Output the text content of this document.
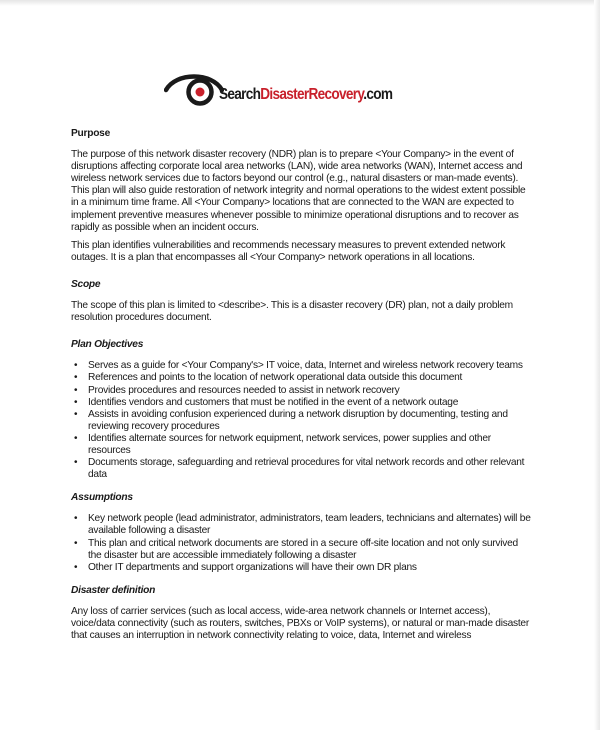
SearchDisasterRecovery.com
Purpose

The purpose of this network disaster recovery (NDR) plan is to prepare <Your Company> in the event of disruptions affecting corporate local area networks (LAN), wide area networks (WAN), Internet access and wireless network services due to factors beyond our control (e.g., natural disasters or man-made events). This plan will also guide restoration of network integrity and normal operations to the widest extent possible in a minimum time frame. All <Your Company> locations that are connected to the WAN are expected to implement preventive measures whenever possible to minimize operational disruptions and to recover as rapidly as possible when an incident occurs.

This plan identifies vulnerabilities and recommends necessary measures to prevent extended network outages. It is a plan that encompasses all <Your Company> network operations in all locations.

Scope

The scope of this plan is limited to <describe>. This is a disaster recovery (DR) plan, not a daily problem resolution procedures document.

Plan Objectives
• Serves as a guide for <Your Company's> IT voice, data, Internet and wireless network recovery teams
• References and points to the location of network operational data outside this document
• Provides procedures and resources needed to assist in network recovery
• Identifies vendors and customers that must be notified in the event of a network outage
• Assists in avoiding confusion experienced during a network disruption by documenting, testing and reviewing recovery procedures
• Identifies alternate sources for network equipment, network services, power supplies and other resources
• Documents storage, safeguarding and retrieval procedures for vital network records and other relevant data
Assumptions
• Key network people (lead administrator, administrators, team leaders, technicians and alternates) will be available following a disaster
• This plan and critical network documents are stored in a secure off-site location and not only survived the disaster but are accessible immediately following a disaster
• Other IT departments and support organizations will have their own DR plans
Disaster definition

Any loss of carrier services (such as local access, wide-area network channels or Internet access), voice/data connectivity (such as routers, switches, PBXs or VoIP systems), or natural or man-made disaster that causes an interruption in network connectivity relating to voice, data, Internet and wireless
